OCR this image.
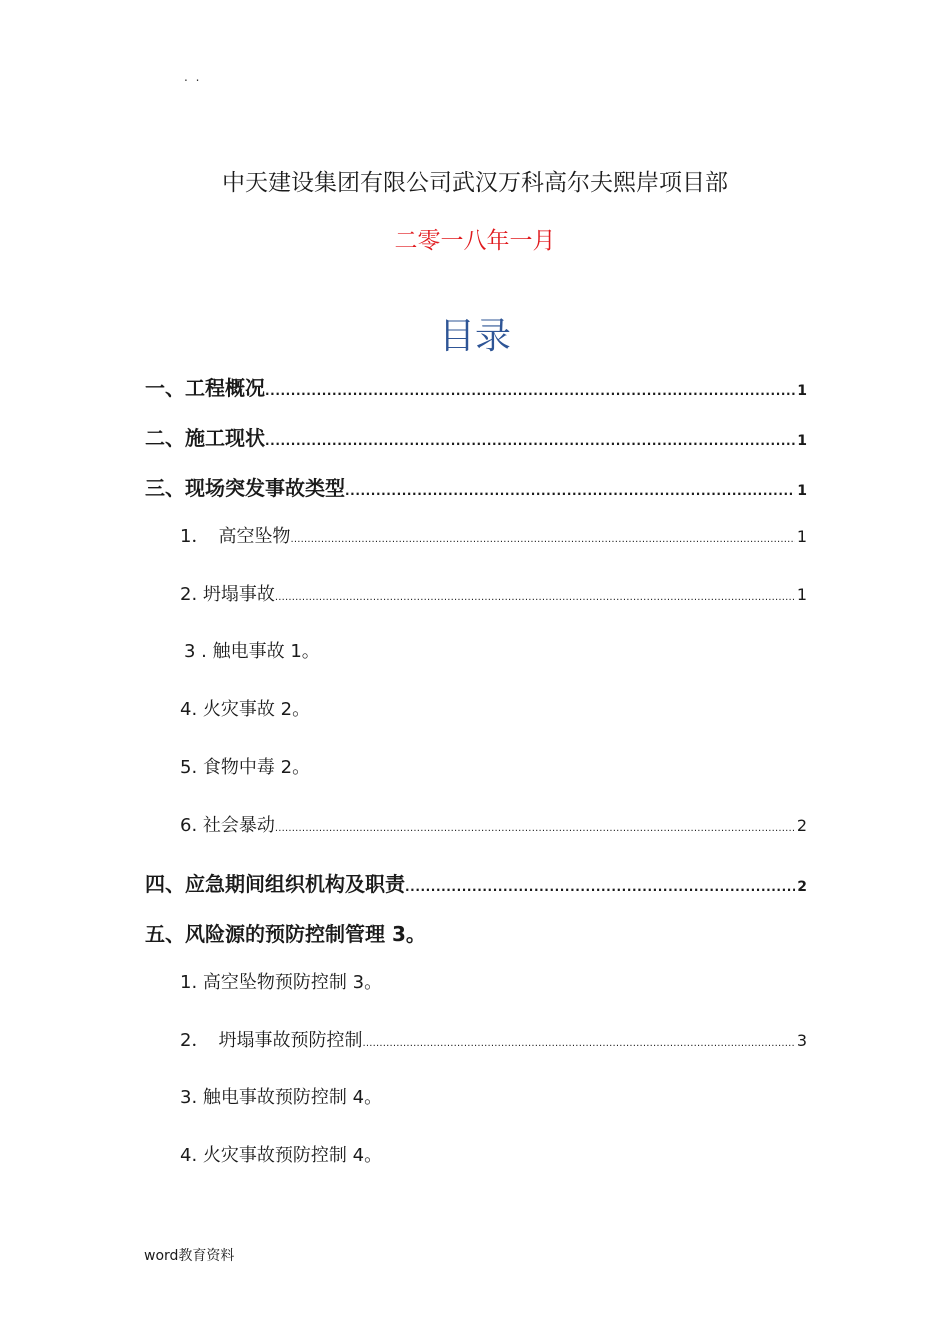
. .
中天建设集团有限公司武汉万科高尔夫熙岸项目部
二零一八年一月
目录
一、工程概况 .....	1
二、施工现状 .....	1
三、现场突发事故类型 .....	1
1．　高空坠物 .....	1
2. 坍塌事故 .....	1
3 . 触电事故 1。
4. 火灾事故 2。
5. 食物中毒 2。
6. 社会暴动 .....	2
四、应急期间组织机构及职责 .....	2
五、风险源的预防控制管理 3。
1. 高空坠物预防控制 3。
2．　坍塌事故预防控制 .....	3
3. 触电事故预防控制 4。
4. 火灾事故预防控制 4。
word教育资料
